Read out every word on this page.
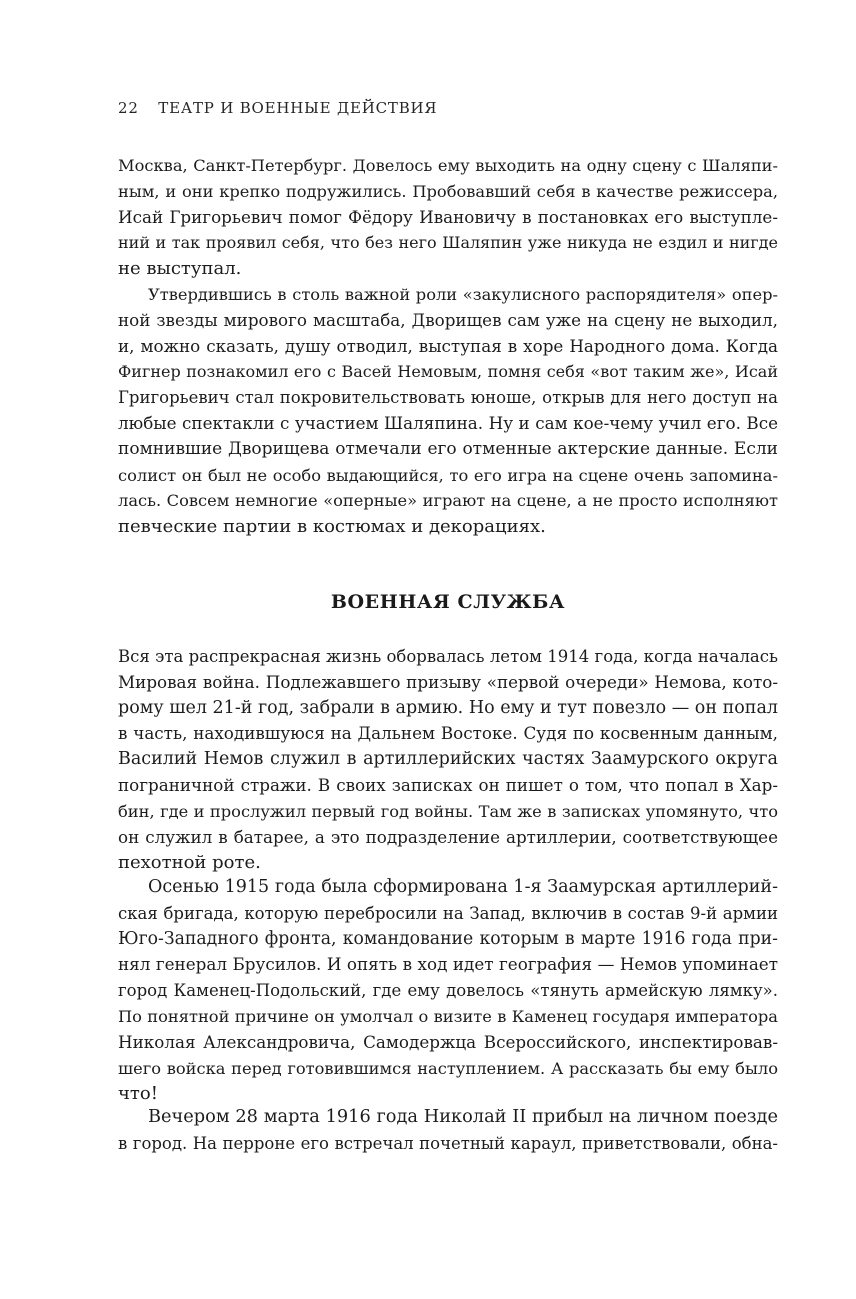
22 ТЕАТР И ВОЕННЫЕ ДЕЙСТВИЯ
Москва, Санкт-Петербург. Довелось ему выходить на одну сцену с Шаляпи-
ным, и они крепко подружились. Пробовавший себя в качестве режиссера,
Исай Григорьевич помог Фёдору Ивановичу в постановках его выступле-
ний и так проявил себя, что без него Шаляпин уже никуда не ездил и нигде
не выступал.
Утвердившись в столь важной роли «закулисного распорядителя» опер-
ной звезды мирового масштаба, Дворищев сам уже на сцену не выходил,
и, можно сказать, душу отводил, выступая в хоре Народного дома. Когда
Фигнер познакомил его с Васей Немовым, помня себя «вот таким же», Исай
Григорьевич стал покровительствовать юноше, открыв для него доступ на
любые спектакли с участием Шаляпина. Ну и сам кое-чему учил его. Все
помнившие Дворищева отмечали его отменные актерские данные. Если
солист он был не особо выдающийся, то его игра на сцене очень запомина-
лась. Совсем немногие «оперные» играют на сцене, а не просто исполняют
певческие партии в костюмах и декорациях.
ВОЕННАЯ СЛУЖБА
Вся эта распрекрасная жизнь оборвалась летом 1914 года, когда началась
Мировая война. Подлежавшего призыву «первой очереди» Немова, кото-
рому шел 21-й год, забрали в армию. Но ему и тут повезло — он попал
в часть, находившуюся на Дальнем Востоке. Судя по косвенным данным,
Василий Немов служил в артиллерийских частях Заамурского округа
пограничной стражи. В своих записках он пишет о том, что попал в Хар-
бин, где и прослужил первый год войны. Там же в записках упомянуто, что
он служил в батарее, а это подразделение артиллерии, соответствующее
пехотной роте.
Осенью 1915 года была сформирована 1-я Заамурская артиллерий-
ская бригада, которую перебросили на Запад, включив в состав 9-й армии
Юго-Западного фронта, командование которым в марте 1916 года при-
нял генерал Брусилов. И опять в ход идет география — Немов упоминает
город Каменец-Подольский, где ему довелось «тянуть армейскую лямку».
По понятной причине он умолчал о визите в Каменец государя императора
Николая Александровича, Самодержца Всероссийского, инспектировав-
шего войска перед готовившимся наступлением. А рассказать бы ему было
что!
Вечером 28 марта 1916 года Николай II прибыл на личном поезде
в город. На перроне его встречал почетный караул, приветствовали, обна-
